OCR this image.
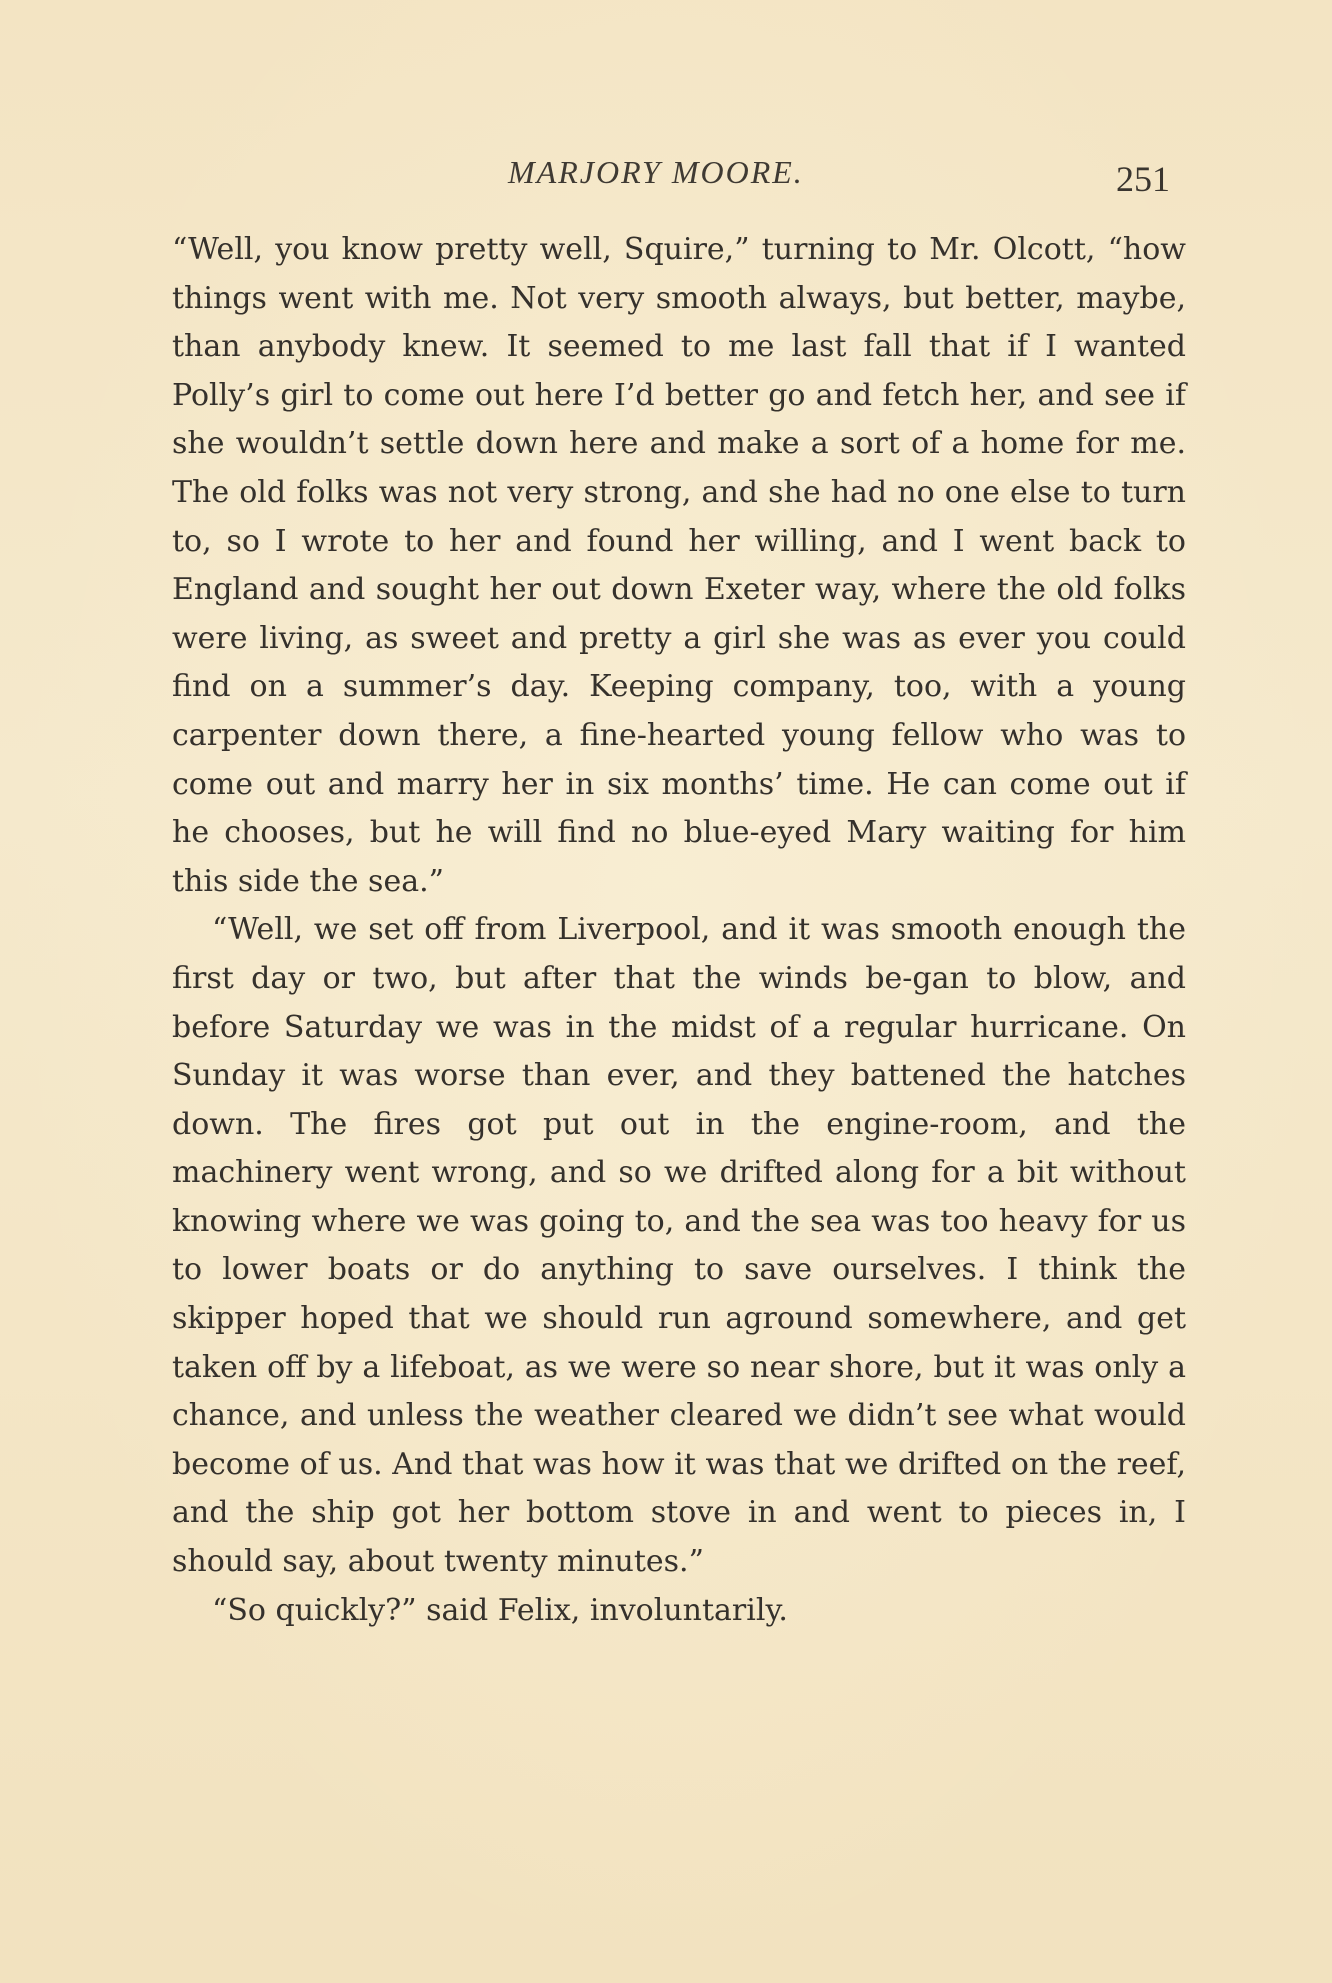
MARJORY MOORE.	251

“Well, you know pretty well, Squire,” turning to Mr. Olcott, “how things went with me. Not very smooth always, but better, maybe, than anybody knew. It seemed to me last fall that if I wanted Polly’s girl to come out here I’d better go and fetch her, and see if she wouldn’t settle down here and make a sort of a home for me. The old folks was not very strong, and she had no one else to turn to, so I wrote to her and found her willing, and I went back to England and sought her out down Exeter way, where the old folks were living, as sweet and pretty a girl she was as ever you could find on a summer’s day. Keeping company, too, with a young carpenter down there, a fine-hearted young fellow who was to come out and marry her in six months’ time. He can come out if he chooses, but he will find no blue-eyed Mary waiting for him this side the sea.”

“Well, we set off from Liverpool, and it was smooth enough the first day or two, but after that the winds be-gan to blow, and before Saturday we was in the midst of a regular hurricane. On Sunday it was worse than ever, and they battened the hatches down. The fires got put out in the engine-room, and the machinery went wrong, and so we drifted along for a bit without knowing where we was going to, and the sea was too heavy for us to lower boats or do anything to save ourselves. I think the skipper hoped that we should run aground somewhere, and get taken off by a lifeboat, as we were so near shore, but it was only a chance, and unless the weather cleared we didn’t see what would become of us. And that was how it was that we drifted on the reef, and the ship got her bottom stove in and went to pieces in, I should say, about twenty minutes.”

“So quickly?” said Felix, involuntarily.
